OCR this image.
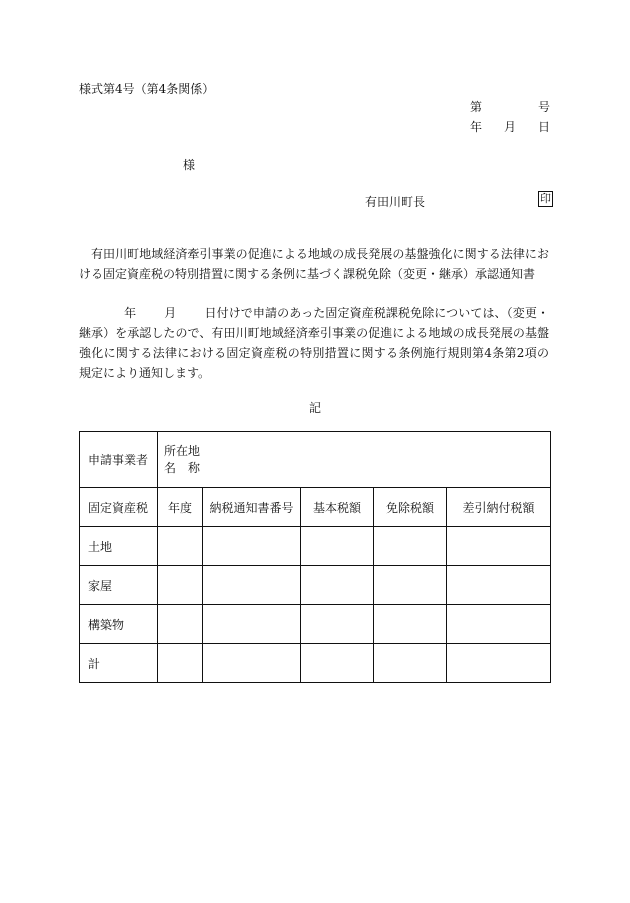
様式第4号（第4条関係）
第	号
年 月 日
様
有田川町長	印
有田川町地域経済牽引事業の促進による地域の成長発展の基盤強化に関する法律における固定資産税の特別措置に関する条例に基づく課税免除（変更・継承）承認通知書
年 月 日付けで申請のあった固定資産税課税免除については、（変更・継承）を承認したので、有田川町地域経済牽引事業の促進による地域の成長発展の基盤強化に関する法律における固定資産税の特別措置に関する条例施行規則第4条第2項の規定により通知します。
記
申請事業者	所在地
名　称				

固定資産税	年度	納税通知書番号	基本税額	免除税額	差引納付税額
土地					
家屋					
構築物					
計					
